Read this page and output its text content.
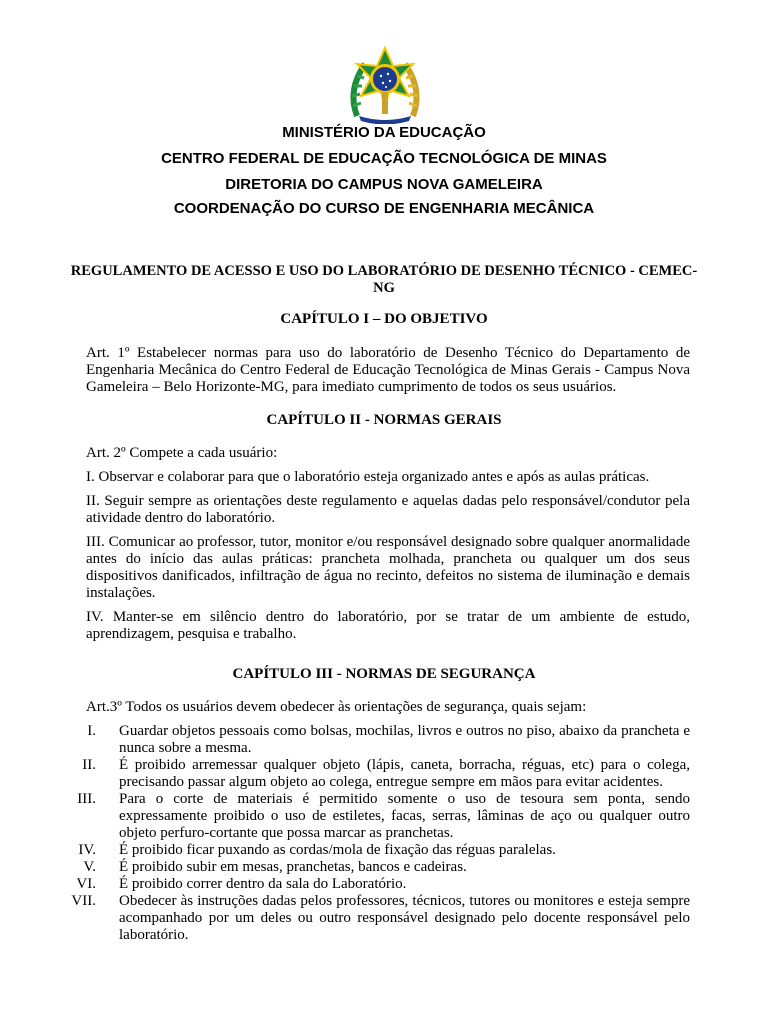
MINISTÉRIO DA EDUCAÇÃO
CENTRO FEDERAL DE EDUCAÇÃO TECNOLÓGICA DE MINAS
DIRETORIA DO CAMPUS NOVA GAMELEIRA
COORDENAÇÃO DO CURSO DE ENGENHARIA MECÂNICA
REGULAMENTO DE ACESSO E USO DO LABORATÓRIO DE DESENHO TÉCNICO - CEMEC-NG
CAPÍTULO I – DO OBJETIVO
Art. 1º Estabelecer normas para uso do laboratório de Desenho Técnico do Departamento de Engenharia Mecânica do Centro Federal de Educação Tecnológica de Minas Gerais - Campus Nova Gameleira – Belo Horizonte-MG, para imediato cumprimento de todos os seus usuários.
CAPÍTULO II - NORMAS GERAIS
Art. 2º Compete a cada usuário:
I. Observar e colaborar para que o laboratório esteja organizado antes e após as aulas práticas.
II. Seguir sempre as orientações deste regulamento e aquelas dadas pelo responsável/condutor pela atividade dentro do laboratório.
III. Comunicar ao professor, tutor, monitor e/ou responsável designado sobre qualquer anormalidade antes do início das aulas práticas: prancheta molhada, prancheta ou qualquer um dos seus dispositivos danificados, infiltração de água no recinto, defeitos no sistema de iluminação e demais instalações.
IV. Manter-se em silêncio dentro do laboratório, por se tratar de um ambiente de estudo, aprendizagem, pesquisa e trabalho.
CAPÍTULO III - NORMAS DE SEGURANÇA
Art.3º Todos os usuários devem obedecer às orientações de segurança, quais sejam:
I. Guardar objetos pessoais como bolsas, mochilas, livros e outros no piso, abaixo da prancheta e nunca sobre a mesma.
II. É proibido arremessar qualquer objeto (lápis, caneta, borracha, réguas, etc) para o colega, precisando passar algum objeto ao colega, entregue sempre em mãos para evitar acidentes.
III. Para o corte de materiais é permitido somente o uso de tesoura sem ponta, sendo expressamente proibido o uso de estiletes, facas, serras, lâminas de aço ou qualquer outro objeto perfuro-cortante que possa marcar as pranchetas.
IV. É proibido ficar puxando as cordas/mola de fixação das réguas paralelas.
V. É proibido subir em mesas, pranchetas, bancos e cadeiras.
VI. É proibido correr dentro da sala do Laboratório.
VII. Obedecer às instruções dadas pelos professores, técnicos, tutores ou monitores e esteja sempre acompanhado por um deles ou outro responsável designado pelo docente responsável pelo laboratório.
